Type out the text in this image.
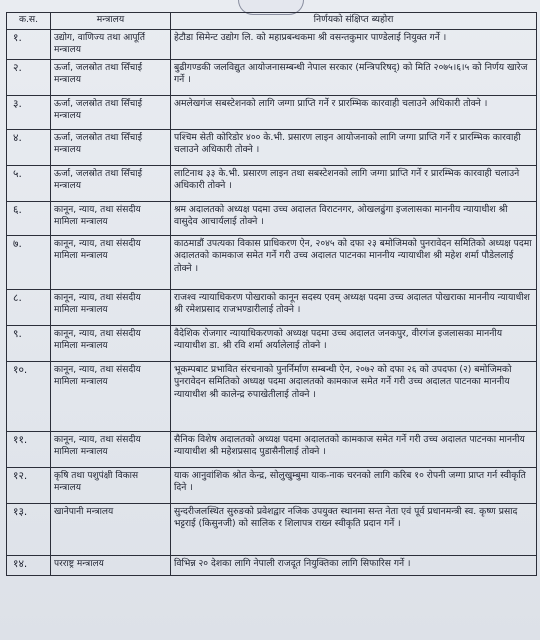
क.स.	मन्त्रालय	निर्णयको संक्षिप्त ब्यहोरा
१.	उद्योग, वाणिज्य तथा आपूर्ति मन्त्रालय	हेटौडा सिमेन्ट उद्योग लि. को महाप्रबन्धकमा श्री वसन्तकुमार पाण्डेलाई नियुक्त गर्ने ।
२.	ऊर्जा, जलस्रोत तथा सिँचाई मन्त्रालय	बुढीगण्डकी जलविद्युत आयोजनासम्बन्धी नेपाल सरकार (मन्त्रिपरिषद्) को मिति २०७५।६।५ को निर्णय खारेज गर्ने ।
३.	ऊर्जा, जलस्रोत तथा सिँचाई मन्त्रालय	अमलेखगंज सबस्टेशनको लागि जग्गा प्राप्ति गर्ने र प्रारम्भिक कारवाही चलाउने अधिकारी तोक्ने ।
४.	ऊर्जा, जलस्रोत तथा सिँचाई मन्त्रालय	पश्चिम सेती कोरिडोर ४०० के.भी. प्रसारण लाइन आयोजनाको लागि जग्गा प्राप्ति गर्ने र प्रारम्भिक कारवाही चलाउने अधिकारी तोक्ने ।
५.	ऊर्जा, जलस्रोत तथा सिँचाई मन्त्रालय	लाटिनाथ ३३ के.भी. प्रसारण लाइन तथा सबस्टेशनको लागि जग्गा प्राप्ति गर्ने र प्रारम्भिक कारवाही चलाउने अधिकारी तोक्ने ।
६.	कानून, न्याय, तथा संसदीय मामिला मन्त्रालय	श्रम अदालतको अध्यक्ष पदमा उच्च अदालत विराटनगर, ओखलढुंगा इजलासका माननीय न्यायाधीश श्री वासुदेव आचार्यलाई तोक्ने ।
७.	कानून, न्याय, तथा संसदीय मामिला मन्त्रालय	काठमाडौं उपत्यका विकास प्राधिकरण ऐन, २०४५ को दफा २३ बमोजिमको पुनरावेदन समितिको अध्यक्ष पदमा अदालतको कामकाज समेत गर्ने गरी उच्च अदालत पाटनका माननीय न्यायाधीश श्री महेश शर्मा पौडेललाई तोक्ने ।
८.	कानून, न्याय, तथा संसदीय मामिला मन्त्रालय	राजश्व न्यायाधिकरण पोखराको कानून सदस्य एवम् अध्यक्ष पदमा उच्च अदालत पोखराका माननीय न्यायाधीश श्री रमेशप्रसाद राजभण्डारीलाई तोक्ने ।
९.	कानून, न्याय, तथा संसदीय मामिला मन्त्रालय	वैदेशिक रोजगार न्यायाधिकरणको अध्यक्ष पदमा उच्च अदालत जनकपुर, वीरगंज इजलासका माननीय न्यायाधीश डा. श्री रवि शर्मा अर्यालेलाई तोक्ने ।
१०.	कानून, न्याय, तथा संसदीय मामिला मन्त्रालय	भूकम्पबाट प्रभावित संरचनाको पुनर्निर्माण सम्बन्धी ऐन, २०७२ को दफा २६ को उपदफा (२) बमोजिमको पुनरावेदन समितिको अध्यक्ष पदमा अदालतको कामकाज समेत गर्ने गरी उच्च अदालत पाटनका माननीय न्यायाधीश श्री कालेन्द्र रुपाखेतीलाई तोक्ने ।
११.	कानून, न्याय, तथा संसदीय मामिला मन्त्रालय	सैनिक विशेष अदालतको अध्यक्ष पदमा अदालतको कामकाज समेत गर्ने गरी उच्च अदालत पाटनका माननीय न्यायाधीश श्री महेशप्रसाद पुडासैनीलाई तोक्ने ।
१२.	कृषि तथा पशुपंक्षी विकास मन्त्रालय	याक आनुवांशिक श्रोत केन्द्र, सोलुखुम्बुमा याक-नाक चरनको लागि करिब १० रोपनी जग्गा प्राप्त गर्न स्वीकृति दिने ।
१३.	खानेपानी मन्त्रालय	सुन्दरीजलस्थित सुरुङको प्रवेशद्वार नजिक उपयुक्त स्थानमा सन्त नेता एवं पूर्व प्रधानमन्त्री स्व. कृष्ण प्रसाद भट्टराई (किसुनजी) को सालिक र शिलापत्र राख्न स्वीकृति प्रदान गर्ने ।
१४.	परराष्ट्र मन्त्रालय	विभिन्न २० देशका लागि नेपाली राजदूत नियुक्तिका लागि सिफारिस गर्ने ।
